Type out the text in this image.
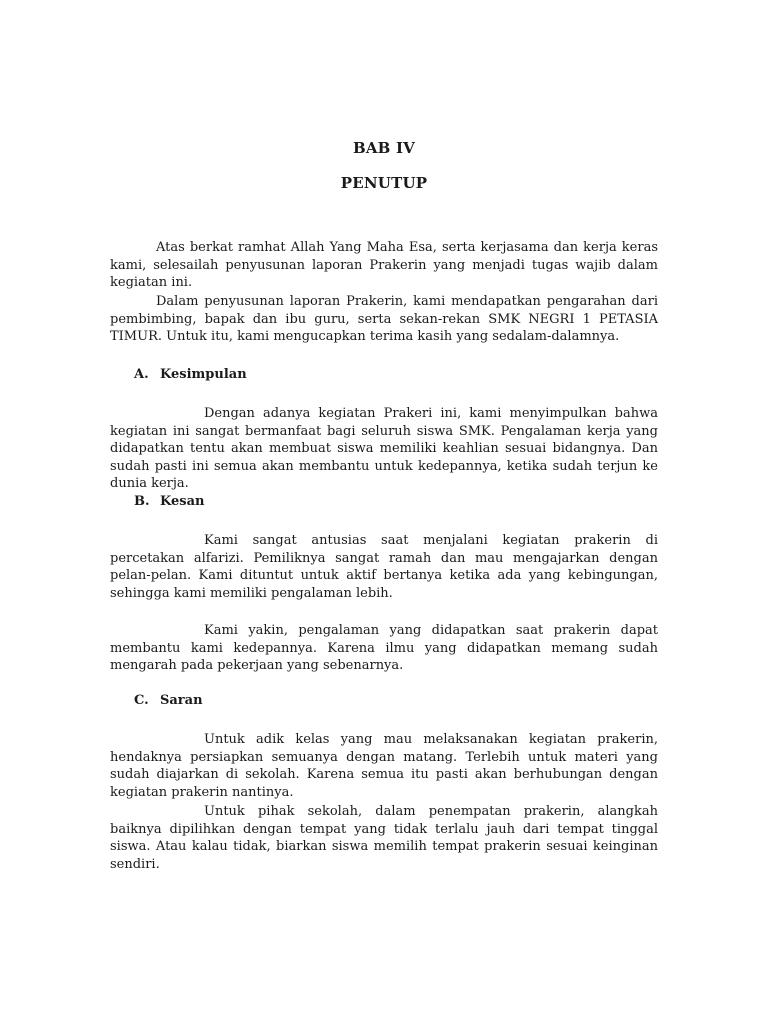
BAB IV
PENUTUP

Atas berkat ramhat Allah Yang Maha Esa, serta kerjasama dan kerja keras kami, selesailah penyusunan laporan Prakerin yang menjadi tugas wajib dalam kegiatan ini.

Dalam penyusunan laporan Prakerin, kami mendapatkan pengarahan dari pembimbing, bapak dan ibu guru, serta sekan-rekan SMK NEGRI 1 PETASIA TIMUR. Untuk itu, kami mengucapkan terima kasih yang sedalam-dalamnya.

A. Kesimpulan

Dengan adanya kegiatan Prakeri ini, kami menyimpulkan bahwa kegiatan ini sangat bermanfaat bagi seluruh siswa SMK. Pengalaman kerja yang didapatkan tentu akan membuat siswa memiliki keahlian sesuai bidangnya. Dan sudah pasti ini semua akan membantu untuk kedepannya, ketika sudah terjun ke dunia kerja.

B. Kesan

Kami sangat antusias saat menjalani kegiatan prakerin di percetakan alfarizi. Pemiliknya sangat ramah dan mau mengajarkan dengan pelan-pelan. Kami dituntut untuk aktif bertanya ketika ada yang kebingungan, sehingga kami memiliki pengalaman lebih.

Kami yakin, pengalaman yang didapatkan saat prakerin dapat membantu kami kedepannya. Karena ilmu yang didapatkan memang sudah mengarah pada pekerjaan yang sebenarnya.

C. Saran

Untuk adik kelas yang mau melaksanakan kegiatan prakerin, hendaknya persiapkan semuanya dengan matang. Terlebih untuk materi yang sudah diajarkan di sekolah. Karena semua itu pasti akan berhubungan dengan kegiatan prakerin nantinya.

Untuk pihak sekolah, dalam penempatan prakerin, alangkah baiknya dipilihkan dengan tempat yang tidak terlalu jauh dari tempat tinggal siswa. Atau kalau tidak, biarkan siswa memilih tempat prakerin sesuai keinginan sendiri.
